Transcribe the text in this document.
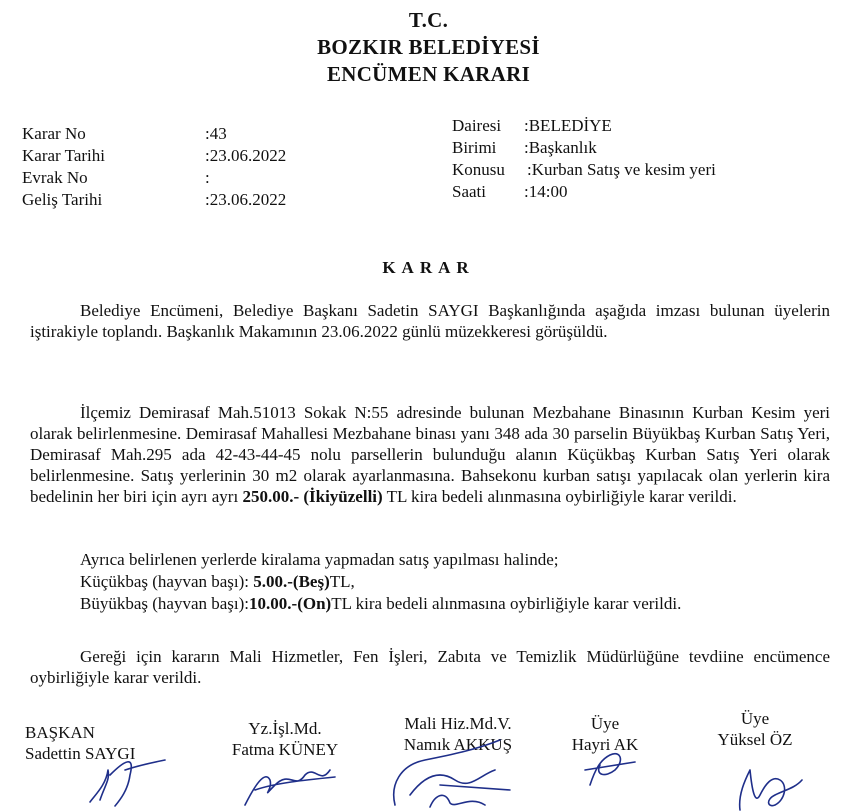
T.C.
BOZKIR BELEDİYESİ
ENCÜMEN KARARI
Karar No	:43
Karar Tarihi	:23.06.2022
Evrak No	:
Geliş Tarihi	:23.06.2022
Dairesi	:BELEDİYE
Birimi	:Başkanlık
Konusu	:Kurban Satış ve kesim yeri
Saati	:14:00
KARAR
Belediye Encümeni, Belediye Başkanı Sadetin SAYGI Başkanlığında aşağıda imzası bulunan üyelerin iştirakiyle toplandı. Başkanlık Makamının 23.06.2022 günlü müzekkeresi görüşüldü.
İlçemiz Demirasaf Mah.51013 Sokak N:55 adresinde bulunan Mezbahane Binasının Kurban Kesim yeri olarak belirlenmesine. Demirasaf Mahallesi Mezbahane binası yanı 348 ada 30 parselin Büyükbaş Kurban Satış Yeri, Demirasaf Mah.295 ada 42-43-44-45 nolu parsellerin bulunduğu alanın Küçükbaş Kurban Satış Yeri olarak belirlenmesine. Satış yerlerinin 30 m2 olarak ayarlanmasına. Bahsekonu kurban satışı yapılacak olan yerlerin kira bedelinin her biri için ayrı ayrı 250.00.- (İkiyüzelli) TL kira bedeli alınmasına oybirliğiyle karar verildi.
Ayrıca belirlenen yerlerde kiralama yapmadan satış yapılması halinde;
Küçükbaş (hayvan başı): 5.00.-(Beş)TL,
Büyükbaş (hayvan başı):10.00.-(On)TL kira bedeli alınmasına oybirliğiyle karar verildi.
Gereği için kararın Mali Hizmetler, Fen İşleri, Zabıta ve Temizlik Müdürlüğüne tevdiine encümence oybirliğiyle karar verildi.
BAŞKAN
Sadettin SAYGI
Yz.İşl.Md.
Fatma KÜNEY
Mali Hiz.Md.V.
Namık AKKUŞ
Üye
Hayri AK
Üye
Yüksel ÖZ
